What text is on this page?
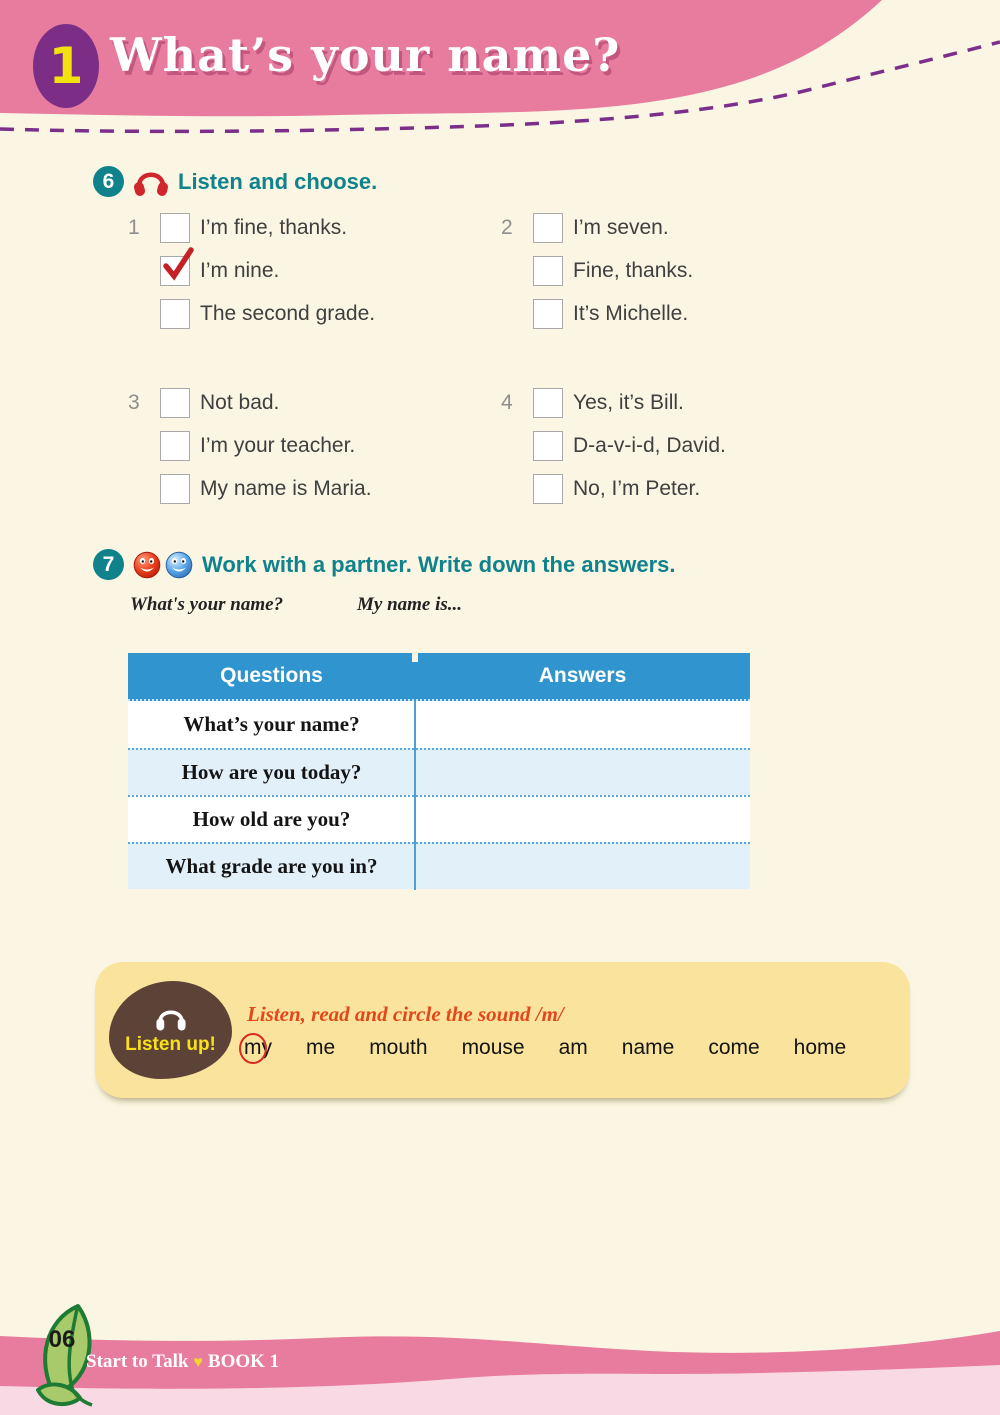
1 What’s your name?
6	Listen and choose.
1	I’m fine, thanks.
I’m nine.
The second grade.
2	I’m seven.
Fine, thanks.
It’s Michelle.
3	Not bad.
I’m your teacher.
My name is Maria.
4	Yes, it’s Bill.
D-a-v-i-d, David.
No, I’m Peter.
7	Work with a partner. Write down the answers.
What's your name?	My name is...
Questions	Answers
What’s your name?
How are you today?
How old are you?
What grade are you in?
Listen up!
Listen, read and circle the sound /m/
my me mouth mouse am name come home
06
Start to Talk ♥ BOOK 1
